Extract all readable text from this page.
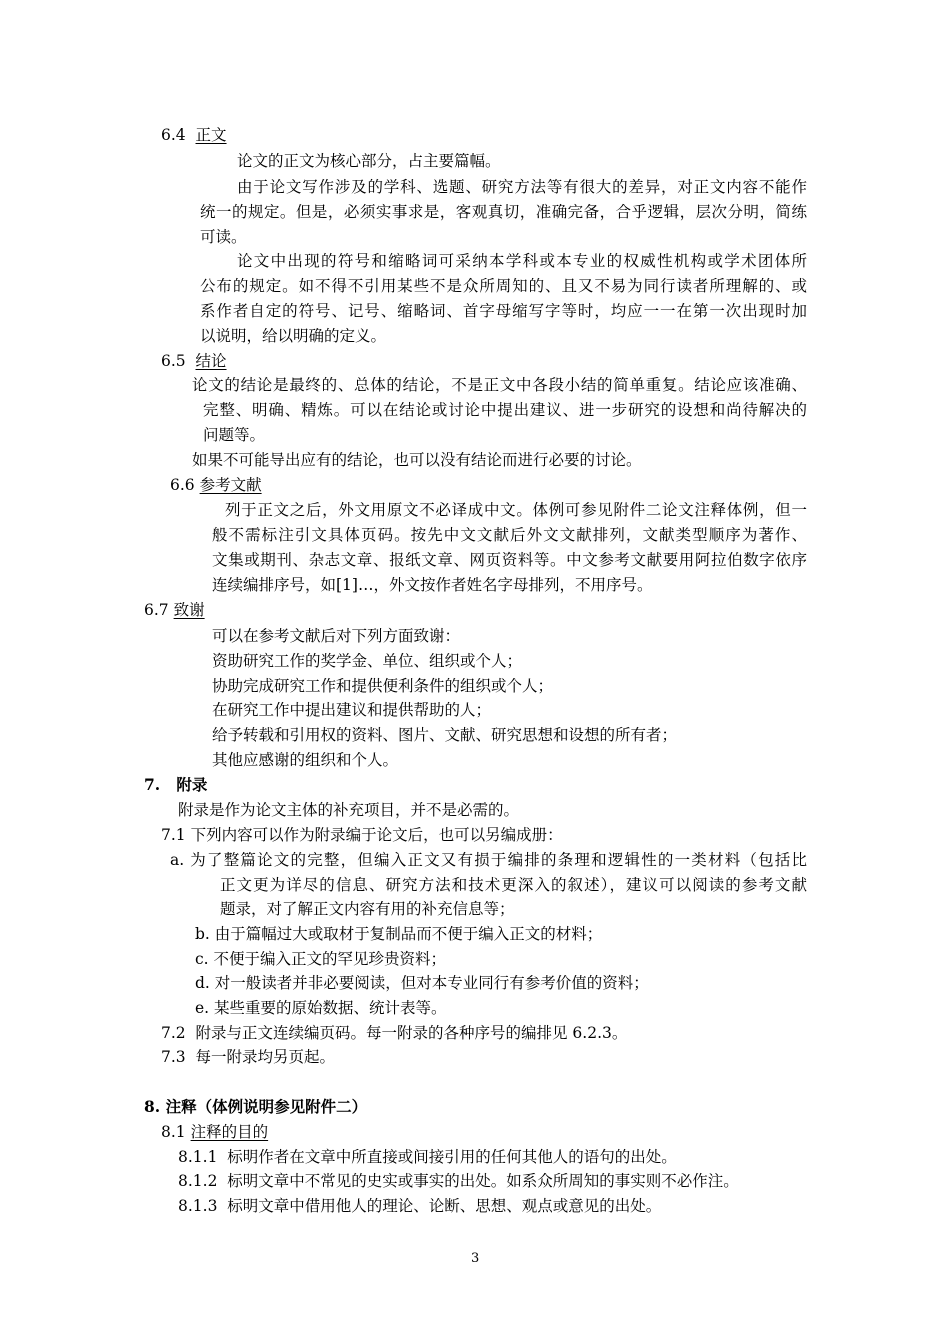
6.4 正文
论文的正文为核心部分，占主要篇幅。
由于论文写作涉及的学科、选题、研究方法等有很大的差异，对正文内容不能作
统一的规定。但是，必须实事求是，客观真切，准确完备，合乎逻辑，层次分明，简练
可读。
论文中出现的符号和缩略词可采纳本学科或本专业的权威性机构或学术团体所
公布的规定。如不得不引用某些不是众所周知的、且又不易为同行读者所理解的、或
系作者自定的符号、记号、缩略词、首字母缩写字等时，均应一一在第一次出现时加
以说明，给以明确的定义。
6.5 结论
论文的结论是最终的、总体的结论，不是正文中各段小结的简单重复。结论应该准确、
完整、明确、精炼。可以在结论或讨论中提出建议、进一步研究的设想和尚待解决的
问题等。
如果不可能导出应有的结论，也可以没有结论而进行必要的讨论。
6.6 参考文献
列于正文之后，外文用原文不必译成中文。体例可参见附件二论文注释体例，但一
般不需标注引文具体页码。按先中文文献后外文文献排列，文献类型顺序为著作、
文集或期刊、杂志文章、报纸文章、网页资料等。中文参考文献要用阿拉伯数字依序
连续编排序号，如[1]…，外文按作者姓名字母排列，不用序号。
6.7 致谢
可以在参考文献后对下列方面致谢：
资助研究工作的奖学金、单位、组织或个人；
协助完成研究工作和提供便利条件的组织或个人；
在研究工作中提出建议和提供帮助的人；
给予转载和引用权的资料、图片、文献、研究思想和设想的所有者；
其他应感谢的组织和个人。
7.   附录
附录是作为论文主体的补充项目，并不是必需的。
7.1 下列内容可以作为附录编于论文后，也可以另编成册：
a. 为了整篇论文的完整，但编入正文又有损于编排的条理和逻辑性的一类材料（包括比
正文更为详尽的信息、研究方法和技术更深入的叙述），建议可以阅读的参考文献
题录，对了解正文内容有用的补充信息等；
b. 由于篇幅过大或取材于复制品而不便于编入正文的材料；
c. 不便于编入正文的罕见珍贵资料；
d. 对一般读者并非必要阅读，但对本专业同行有参考价值的资料；
e. 某些重要的原始数据、统计表等。
7.2  附录与正文连续编页码。每一附录的各种序号的编排见 6.2.3。
7.3  每一附录均另页起。
8. 注释（体例说明参见附件二）
8.1 注释的目的
8.1.1  标明作者在文章中所直接或间接引用的任何其他人的语句的出处。
8.1.2  标明文章中不常见的史实或事实的出处。如系众所周知的事实则不必作注。
8.1.3  标明文章中借用他人的理论、论断、思想、观点或意见的出处。
3
